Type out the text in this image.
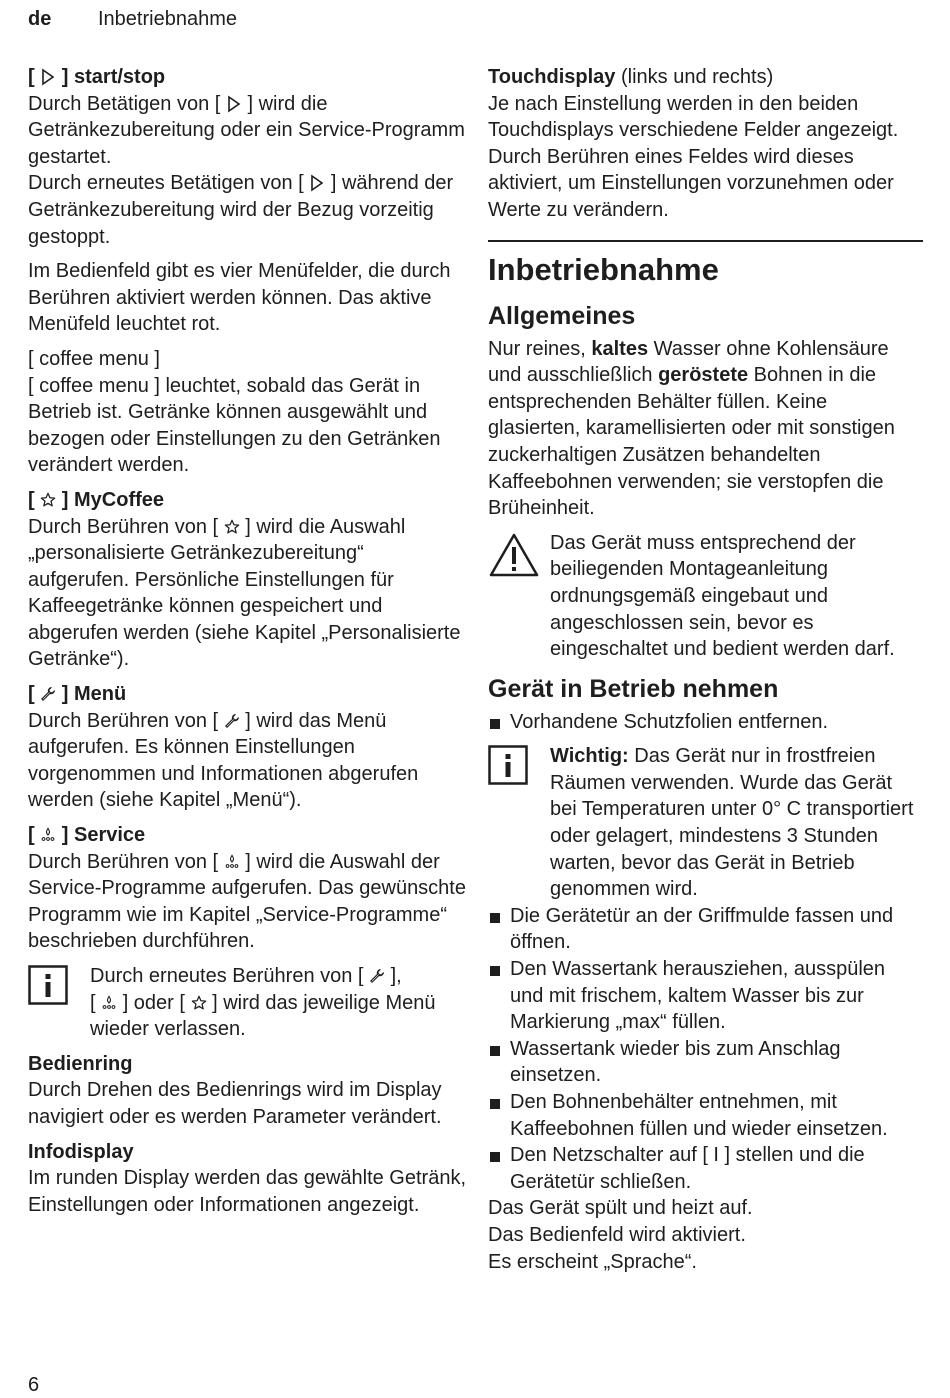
de Inbetriebnahme

[  ] start/stop

Durch Betätigen von [ ] wird die Getränkezubereitung oder ein Service-Programm gestartet.

Durch erneutes Betätigen von [ ] während der Getränkezubereitung wird der Bezug vorzeitig gestoppt.

Im Bedienfeld gibt es vier Menüfelder, die durch Berühren aktiviert werden können. Das aktive Menüfeld leuchtet rot.

[ coffee menu ]

[ coffee menu ] leuchtet, sobald das Gerät in Betrieb ist. Getränke können ausgewählt und bezogen oder Einstellungen zu den Getränken verändert werden.

[  ] MyCoffee

Durch Berühren von [ ] wird die Auswahl „personalisierte Getränkezubereitung“ aufgerufen. Persönliche Einstellungen für Kaffeegetränke können gespeichert und abgerufen werden (siehe Kapitel „Personalisierte Getränke“).

[  ] Menü

Durch Berühren von [ ] wird das Menü aufgerufen. Es können Einstellungen vorgenommen und Informationen abgerufen werden (siehe Kapitel „Menü“).

[  ] Service

Durch Berühren von [ ] wird die Auswahl der Service-Programme aufgerufen. Das gewünschte Programm wie im Kapitel „Service-Programme“ beschrieben durchführen.

Durch erneutes Berühren von [ ],
[ ] oder [ ] wird das jeweilige Menü wieder verlassen.

Bedienring

Durch Drehen des Bedienrings wird im Display navigiert oder es werden Parameter verändert.

Infodisplay

Im runden Display werden das gewählte Getränk, Einstellungen oder Informationen angezeigt.

Touchdisplay (links und rechts)

Je nach Einstellung werden in den beiden Touchdisplays verschiedene Felder angezeigt. Durch Berühren eines Feldes wird dieses aktiviert, um Einstellungen vorzunehmen oder Werte zu verändern.

Inbetriebnahme
Allgemeines

Nur reines, kaltes Wasser ohne Kohlensäure und ausschließlich geröstete Bohnen in die entsprechenden Behälter füllen. Keine glasierten, karamellisierten oder mit sonstigen zuckerhaltigen Zusätzen behandelten Kaffeebohnen verwenden; sie verstopfen die Brüheinheit.

Das Gerät muss entsprechend der beiliegenden Montageanleitung ordnungsgemäß eingebaut und angeschlossen sein, bevor es eingeschaltet und bedient werden darf.
Gerät in Betrieb nehmen
Vorhandene Schutzfolien entfernen.
Wichtig: Das Gerät nur in frostfreien Räumen verwenden. Wurde das Gerät bei Temperaturen unter 0° C transportiert oder gelagert, mindestens 3 Stunden warten, bevor das Gerät in Betrieb genommen wird.
Die Gerätetür an der Griffmulde fassen und öffnen.
Den Wassertank herausziehen, ausspülen und mit frischem, kaltem Wasser bis zur Markierung „max“ füllen.
Wassertank wieder bis zum Anschlag einsetzen.
Den Bohnenbehälter entnehmen, mit Kaffeebohnen füllen und wieder einsetzen.
Den Netzschalter auf [ I ] stellen und die Gerätetür schließen.

Das Gerät spült und heizt auf.

Das Bedienfeld wird aktiviert.

Es erscheint „Sprache“.

6
